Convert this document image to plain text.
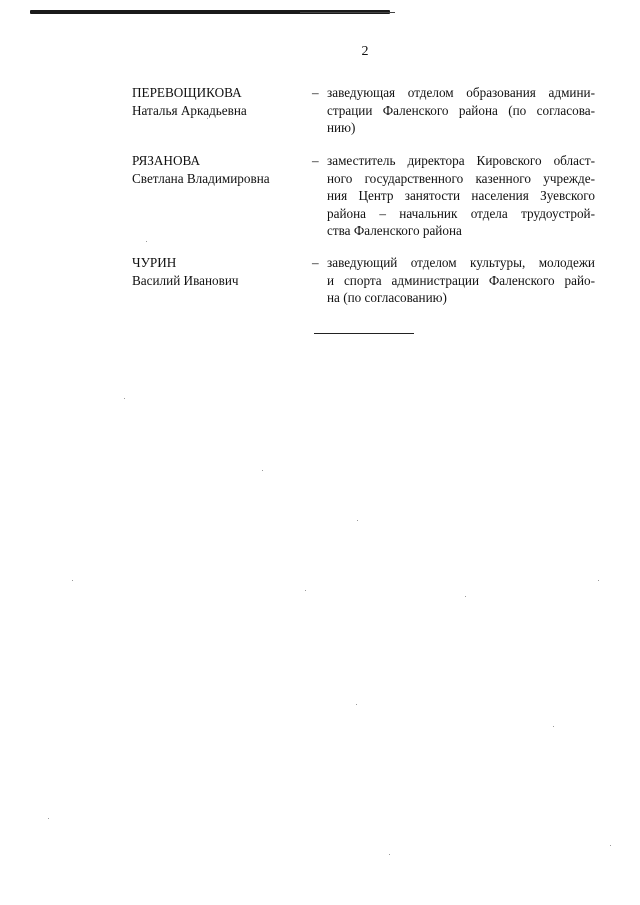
2
ПЕРЕВОЩИКОВА
Наталья Аркадьевна
– заведующая отделом образования админи-
страции Фаленского района (по согласова-
нию)
РЯЗАНОВА
Светлана Владимировна
– заместитель директора Кировского област-
ного государственного казенного учрежде-
ния Центр занятости населения Зуевского
района – начальник отдела трудоустрой-
ства Фаленского района
ЧУРИН
Василий Иванович
– заведующий отделом культуры, молодежи
и спорта администрации Фаленского райо-
на (по согласованию)
